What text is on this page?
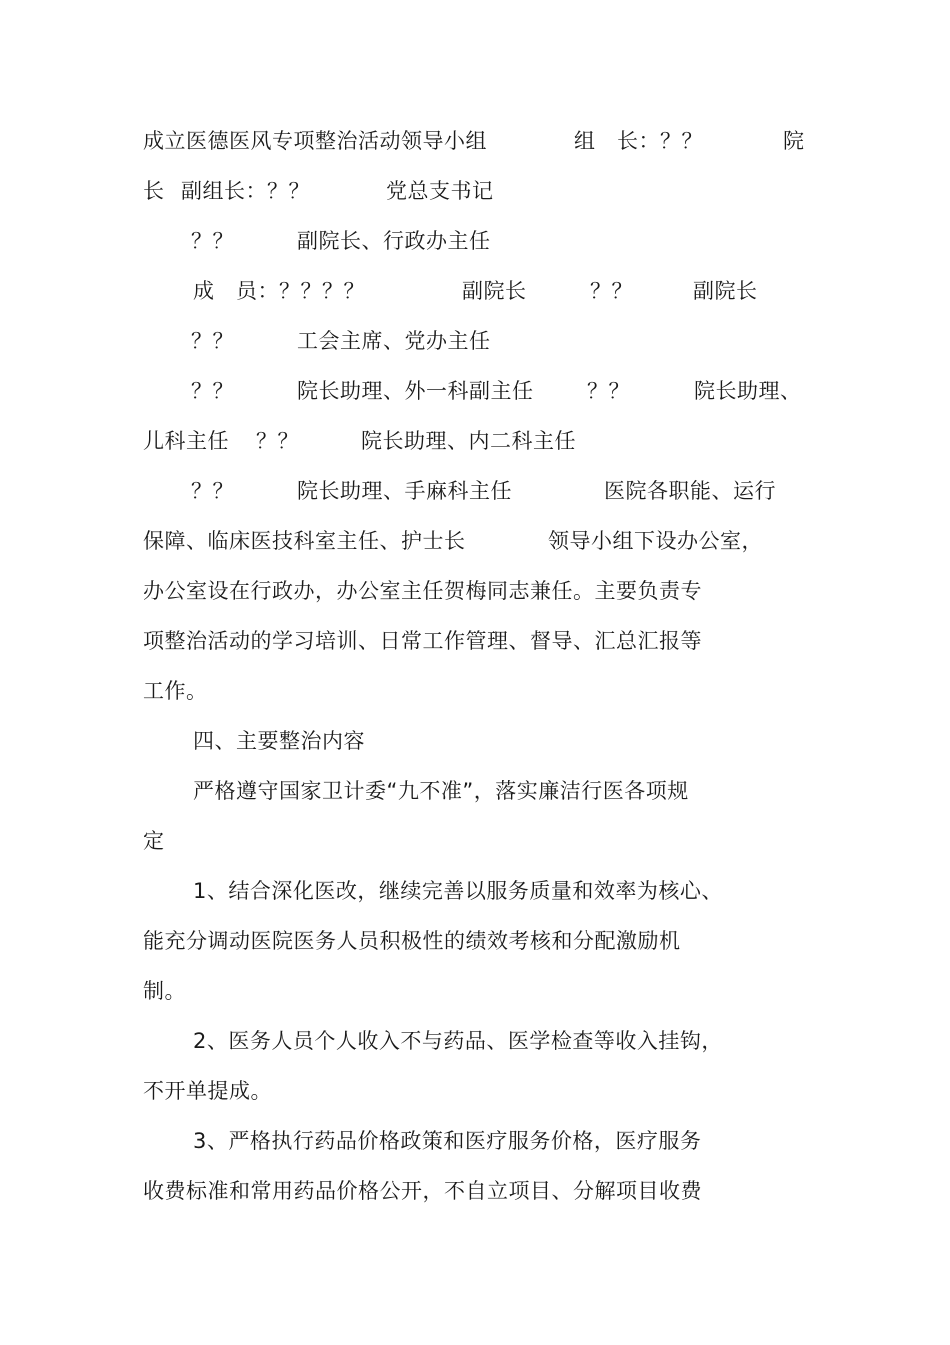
成立医德医风专项整治活动领导小组	组　长：？？	院
长 副组长：？？	党总支书记
？？	副院长、行政办主任
成　员：？？？？	副院长	？？	副院长
？？	工会主席、党办主任
？？	院长助理、外一科副主任	？？	院长助理、
儿科主任 ？？	院长助理、内二科主任
？？	院长助理、手麻科主任	医院各职能、运行
保障、临床医技科室主任、护士长	领导小组下设办公室，
办公室设在行政办，办公室主任贺梅同志兼任。主要负责专
项整治活动的学习培训、日常工作管理、督导、汇总汇报等
工作。
四、主要整治内容
严格遵守国家卫计委“九不准”，落实廉洁行医各项规
定
1、结合深化医改，继续完善以服务质量和效率为核心、
能充分调动医院医务人员积极性的绩效考核和分配激励机
制。
2、医务人员个人收入不与药品、医学检查等收入挂钩，
不开单提成。
3、严格执行药品价格政策和医疗服务价格，医疗服务
收费标准和常用药品价格公开，不自立项目、分解项目收费
